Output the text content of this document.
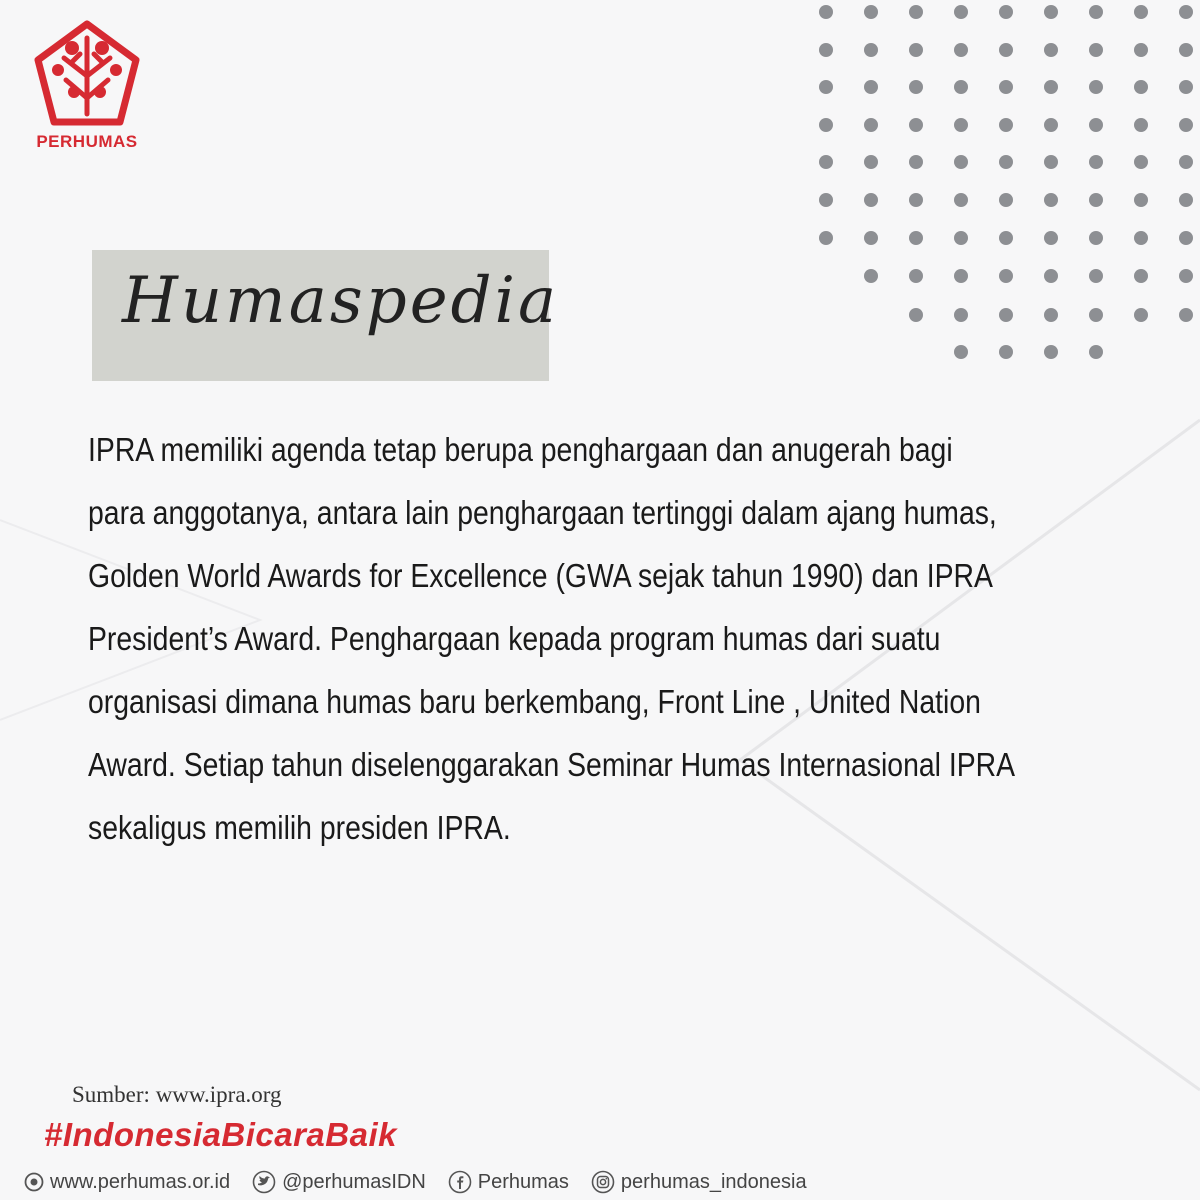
PERHUMAS
Humaspedia
IPRA memiliki agenda tetap berupa penghargaan dan anugerah bagi
para anggotanya, antara lain penghargaan tertinggi dalam ajang humas,
Golden World Awards for Excellence (GWA sejak tahun 1990) dan IPRA
President’s Award. Penghargaan kepada program humas dari suatu
organisasi dimana humas baru berkembang, Front Line , United Nation
Award. Setiap tahun diselenggarakan Seminar Humas Internasional IPRA
sekaligus memilih presiden IPRA.
Sumber: www.ipra.org
#IndonesiaBicaraBaik
www.perhumas.or.id	@perhumasIDN	Perhumas	perhumas_indonesia
